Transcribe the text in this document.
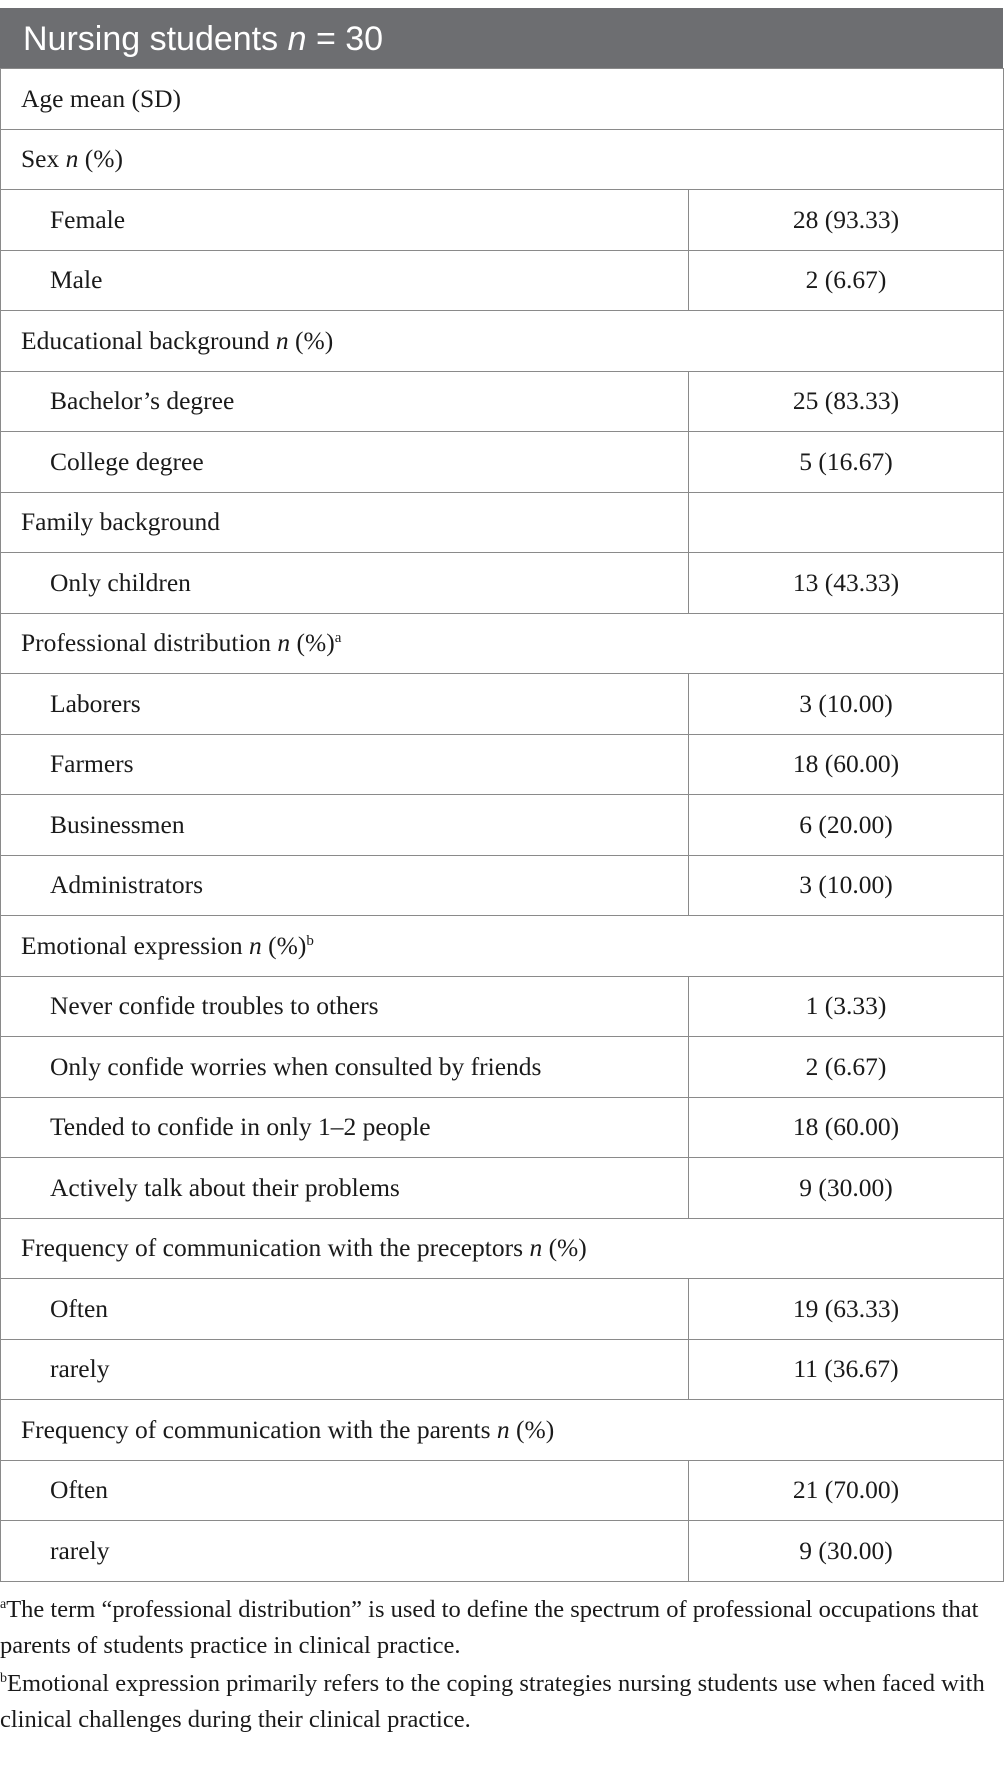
Nursing students n = 30
Age mean (SD)	
Sex n (%)	
Female	28 (93.33)
Male	2 (6.67)
Educational background n (%)	
Bachelor’s degree	25 (83.33)
College degree	5 (16.67)
Family background	
Only children	13 (43.33)
Professional distribution n (%)$^a$
Laborers	3 (10.00)
Farmers	18 (60.00)
Businessmen	6 (20.00)
Administrators	3 (10.00)
Emotional expression n (%)$^b$
Never confide troubles to others	1 (3.33)
Only confide worries when consulted by friends	2 (6.67)
Tended to confide in only 1–2 people	18 (60.00)
Actively talk about their problems	9 (30.00)
Frequency of communication with the preceptors n (%)	
Often	19 (63.33)
rarely	11 (36.67)
Frequency of communication with the parents n (%)	
Often	21 (70.00)
rarely	9 (30.00)

$^a$The term “professional distribution” is used to define the spectrum of professional occupations that parents of students practice in clinical practice.

$^b$Emotional expression primarily refers to the coping strategies nursing students use when faced with clinical challenges during their clinical practice.
